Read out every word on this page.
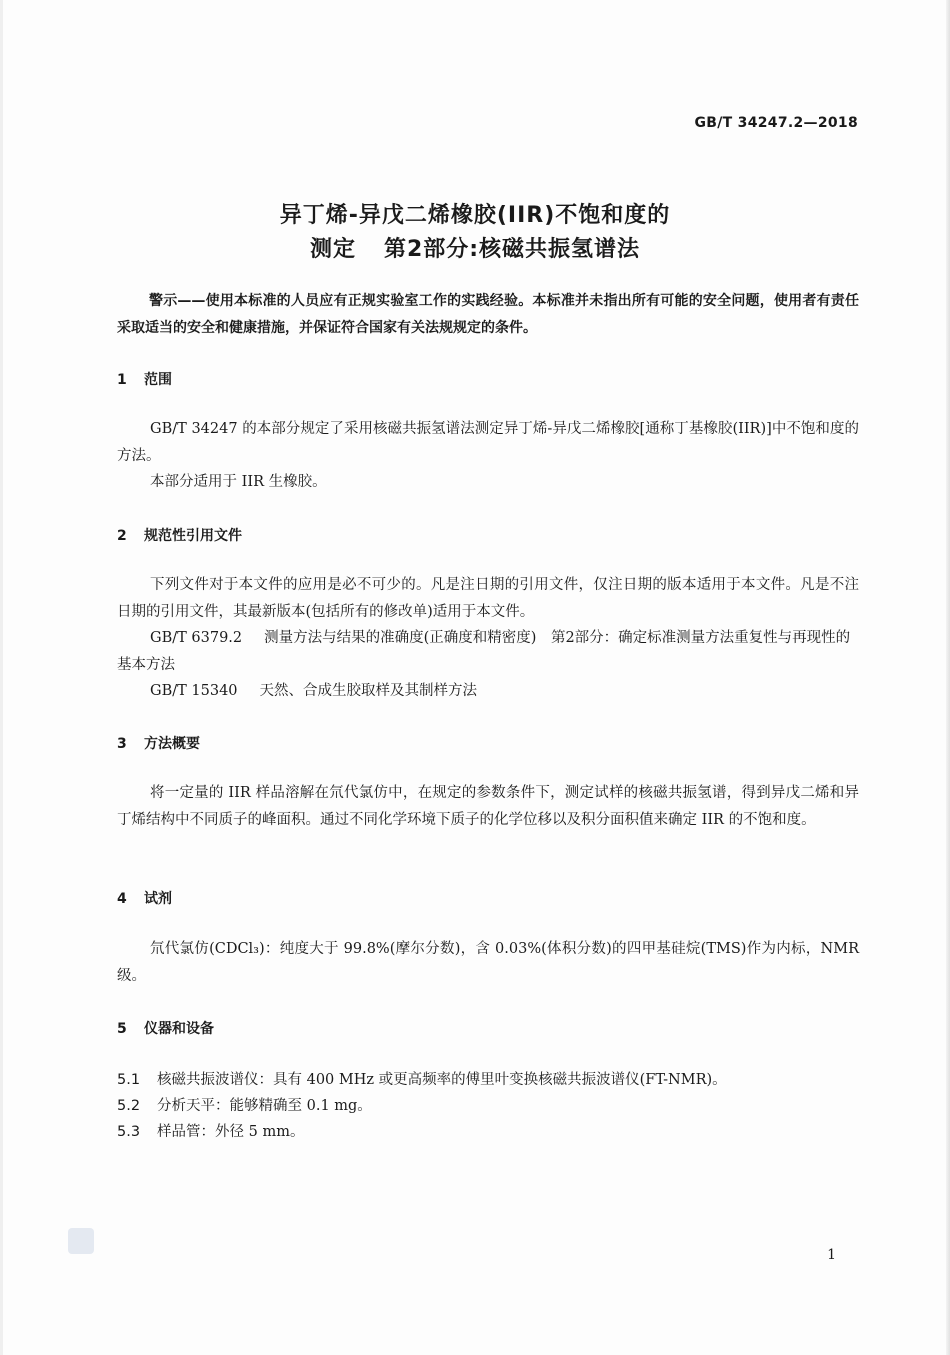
GB/T 34247.2—2018
异丁烯-异戊二烯橡胶(IIR)不饱和度的
测定 第2部分:核磁共振氢谱法
警示——使用本标准的人员应有正规实验室工作的实践经验。本标准并未指出所有可能的安全问题，使用者有责任采取适当的安全和健康措施，并保证符合国家有关法规规定的条件。
1 范围
GB/T 34247 的本部分规定了采用核磁共振氢谱法测定异丁烯-异戊二烯橡胶[通称丁基橡胶(IIR)]中不饱和度的方法。
本部分适用于 IIR 生橡胶。
2 规范性引用文件
下列文件对于本文件的应用是必不可少的。凡是注日期的引用文件，仅注日期的版本适用于本文件。凡是不注日期的引用文件，其最新版本(包括所有的修改单)适用于本文件。
GB/T 6379.2 测量方法与结果的准确度(正确度和精密度)　第2部分：确定标准测量方法重复性与再现性的基本方法
GB/T 15340 天然、合成生胶取样及其制样方法
3 方法概要
将一定量的 IIR 样品溶解在氘代氯仿中，在规定的参数条件下，测定试样的核磁共振氢谱，得到异戊二烯和异丁烯结构中不同质子的峰面积。通过不同化学环境下质子的化学位移以及积分面积值来确定 IIR 的不饱和度。
4 试剂
氘代氯仿(CDCl₃)：纯度大于 99.8%(摩尔分数)，含 0.03%(体积分数)的四甲基硅烷(TMS)作为内标，NMR 级。
5 仪器和设备
5.1 核磁共振波谱仪：具有 400 MHz 或更高频率的傅里叶变换核磁共振波谱仪(FT-NMR)。
5.2 分析天平：能够精确至 0.1 mg。
5.3 样品管：外径 5 mm。
1
